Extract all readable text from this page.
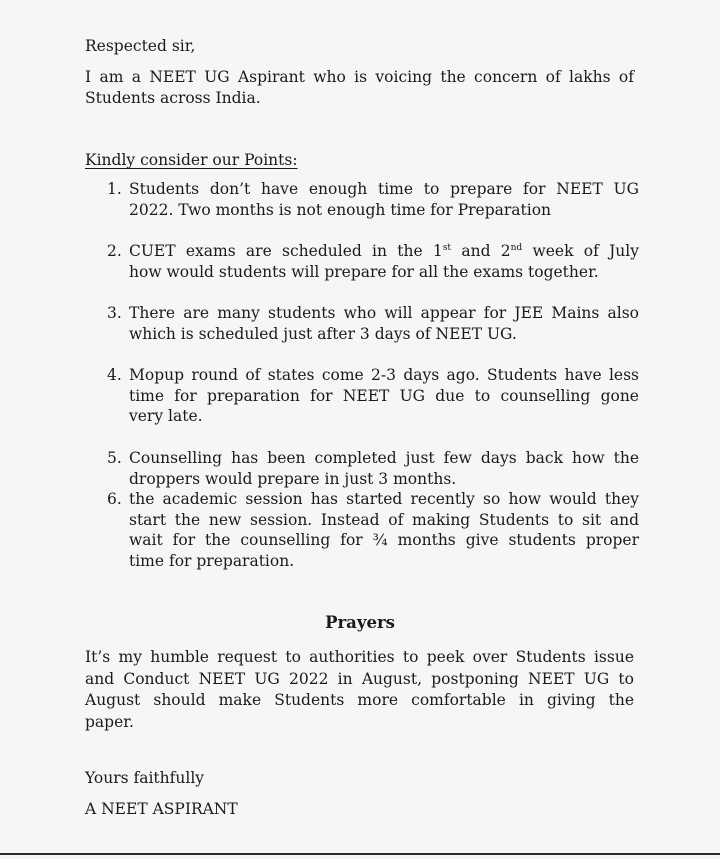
Respected sir,
I am a NEET UG Aspirant who is voicing the concern of lakhs of
Students across India.
Kindly consider our Points:
1. Students don’t have enough time to prepare for NEET UG
2022. Two months is not enough time for Preparation
2. CUET exams are scheduled in the 1st and 2nd week of July
how would students will prepare for all the exams together.
3. There are many students who will appear for JEE Mains also
which is scheduled just after 3 days of NEET UG.
4. Mopup round of states come 2-3 days ago. Students have less
time for preparation for NEET UG due to counselling gone
very late.
5. Counselling has been completed just few days back how the
droppers would prepare in just 3 months.
6. the academic session has started recently so how would they
start the new session. Instead of making Students to sit and
wait for the counselling for ¾ months give students proper
time for preparation.
Prayers
It’s my humble request to authorities to peek over Students issue
and Conduct NEET UG 2022 in August, postponing NEET UG to
August should make Students more comfortable in giving the
paper.
Yours faithfully
A NEET ASPIRANT
